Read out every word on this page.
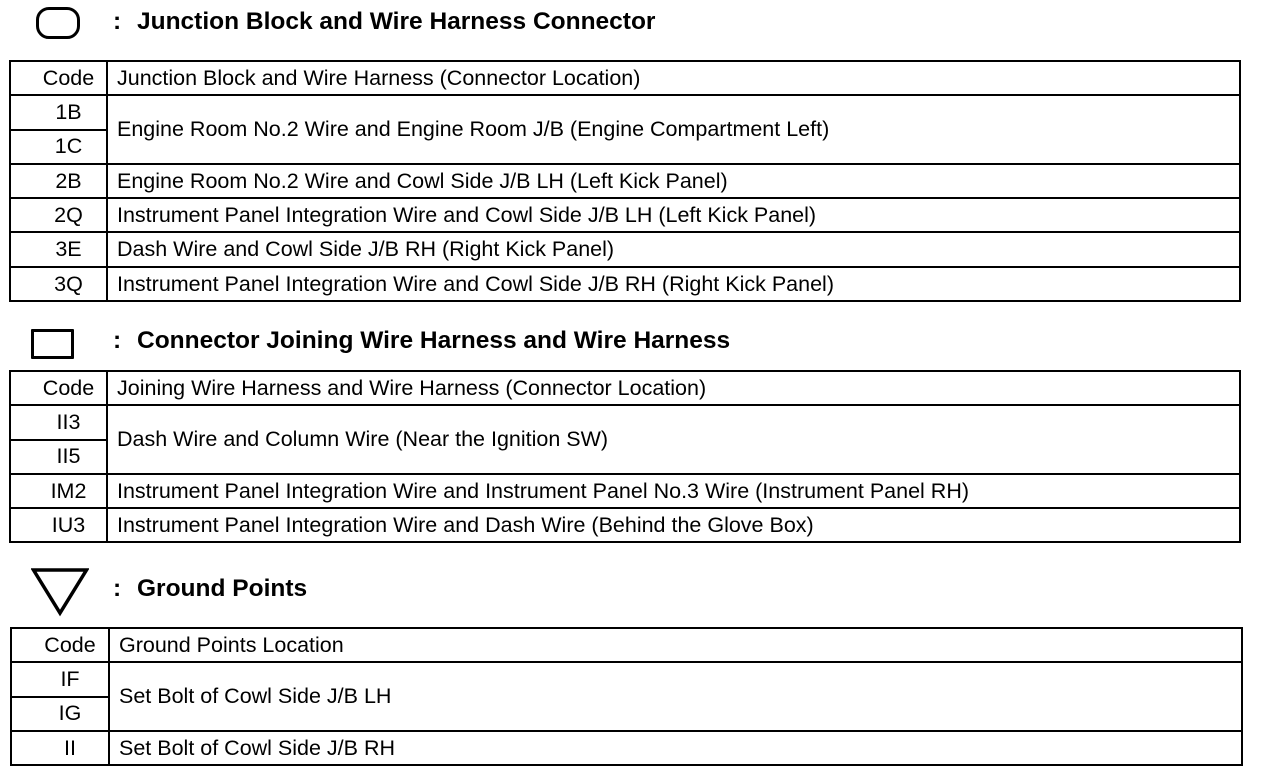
: Junction Block and Wire Harness Connector
Code	Junction Block and Wire Harness (Connector Location)
1B	Engine Room No.2 Wire and Engine Room J/B (Engine Compartment Left)
1C	
2B	Engine Room No.2 Wire and Cowl Side J/B LH (Left Kick Panel)
2Q	Instrument Panel Integration Wire and Cowl Side J/B LH (Left Kick Panel)
3E	Dash Wire and Cowl Side J/B RH (Right Kick Panel)
3Q	Instrument Panel Integration Wire and Cowl Side J/B RH (Right Kick Panel)
: Connector Joining Wire Harness and Wire Harness
Code	Joining Wire Harness and Wire Harness (Connector Location)
II3	Dash Wire and Column Wire (Near the Ignition SW)
II5	
IM2	Instrument Panel Integration Wire and Instrument Panel No.3 Wire (Instrument Panel RH)
IU3	Instrument Panel Integration Wire and Dash Wire (Behind the Glove Box)
: Ground Points
Code	Ground Points Location
IF	Set Bolt of Cowl Side J/B LH
IG	
II	Set Bolt of Cowl Side J/B RH
